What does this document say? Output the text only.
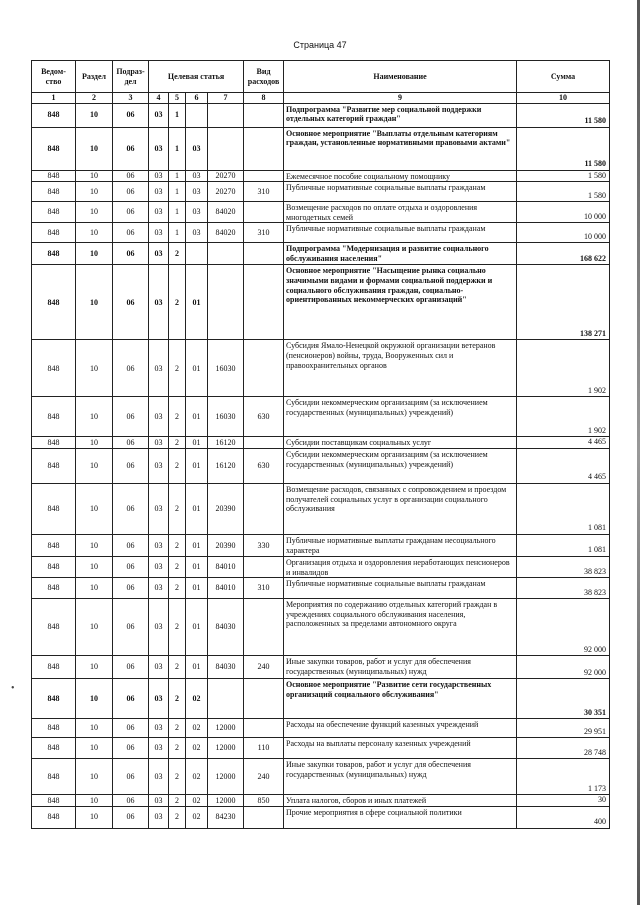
Страница 47
•
Ведом-ство	Раздел	Подраз-дел	Целевая статья				Вид расходов	Наименование	Сумма
1	2	3	4	5	6	7	8	9	10
848	10	06	03	1				Подпрограмма "Развитие мер социальной поддержки отдельных категорий граждан"	11 580
848	10	06	03	1	03			Основное мероприятие "Выплаты отдельным категориям граждан, установленные нормативными правовыми актами"	11 580
848	10	06	03	1	03	20270		Ежемесячное пособие социальному помощнику	1 580
848	10	06	03	1	03	20270	310	Публичные нормативные социальные выплаты гражданам	1 580
848	10	06	03	1	03	84020		Возмещение расходов по оплате отдыха и оздоровления многодетных семей	10 000
848	10	06	03	1	03	84020	310	Публичные нормативные социальные выплаты гражданам	10 000
848	10	06	03	2				Подпрограмма "Модернизация и развитие социального обслуживания населения"	168 622
848	10	06	03	2	01			Основное мероприятие "Насыщение рынка социально значимыми видами и формами социальной поддержки и социального обслуживания граждан, социально-ориентированных некоммерческих организаций"	138 271
848	10	06	03	2	01	16030		Субсидия Ямало-Ненецкой окружной организации ветеранов (пенсионеров) войны, труда, Вооруженных сил и правоохранительных органов	1 902
848	10	06	03	2	01	16030	630	Субсидии некоммерческим организациям (за исключением государственных (муниципальных) учреждений)	1 902
848	10	06	03	2	01	16120		Субсидии поставщикам социальных услуг	4 465
848	10	06	03	2	01	16120	630	Субсидии некоммерческим организациям (за исключением государственных (муниципальных) учреждений)	4 465
848	10	06	03	2	01	20390		Возмещение расходов, связанных с сопровождением и проездом получателей социальных услуг в организации социального обслуживания	1 081
848	10	06	03	2	01	20390	330	Публичные нормативные выплаты гражданам несоциального характера	1 081
848	10	06	03	2	01	84010		Организация отдыха и оздоровления неработающих пенсионеров и инвалидов	38 823
848	10	06	03	2	01	84010	310	Публичные нормативные социальные выплаты гражданам	38 823
848	10	06	03	2	01	84030		Мероприятия по содержанию отдельных категорий граждан в учреждениях социального обслуживания населения, расположенных за пределами автономного округа	92 000
848	10	06	03	2	01	84030	240	Иные закупки товаров, работ и услуг для обеспечения государственных (муниципальных) нужд	92 000
848	10	06	03	2	02			Основное мероприятие "Развитие сети государственных организаций социального обслуживания"	30 351
848	10	06	03	2	02	12000		Расходы на обеспечение функций казенных учреждений	29 951
848	10	06	03	2	02	12000	110	Расходы на выплаты персоналу казенных учреждений	28 748
848	10	06	03	2	02	12000	240	Иные закупки товаров, работ и услуг для обеспечения государственных (муниципальных) нужд	1 173
848	10	06	03	2	02	12000	850	Уплата налогов, сборов и иных платежей	30
848	10	06	03	2	02	84230		Прочие мероприятия в сфере социальной политики	400
